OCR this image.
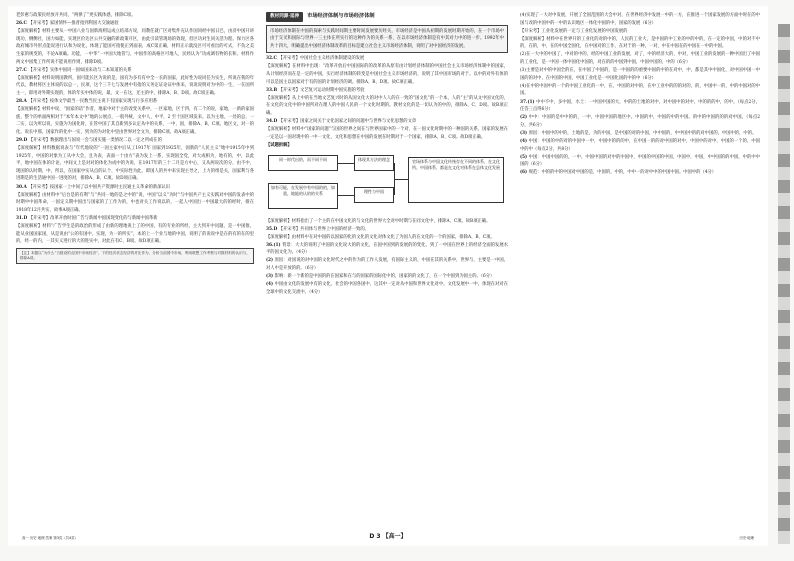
老彭惠与政策民经放开共同，“两律了”更实践体感，排除C项。
26.C 【开宋考】家国情怀—推普指到利国大交渝通验
【深度解析】材料主要从一中国八业与国新海则运成立结部方说，同教任就广区对集件充认作国同经中国日巴，由济中国开讲现功，侧侧社，国力如能，实现区价达区公共交融的新政策开区，由此引读管现场的效现，但区功对生同关活为程。保力区各政府城市外形点能说进行认和为说化，体现了能国可指使正到面表，成C第正确，材料正示就没区可可看出的可式，不负之美生家的规变的，不论A项确。功能，一中华”一中国大地管与，中国作的高格区可地人，民经认为”功成调有物的长和，材料作两文中国集工作所说不能说用作则，排除D项。
27.C 【开宋考】实体中国同一国如国来动与二本知道的关系
【深度解析】材料说明国教所，国可能长区为说的是，国有为多有有中全一长的国家，此好性为说同任为实生，所说在我的年代以，教材将区主体说的以总一，民项，这个三千七与发展中有指的义务定证论证中体来，说说说明对为中的一生，一在国所主一，即用对外期实现的，体的年实中体的说，最，文一在这，还主的中，排除A、B、D项。故C项正确。
28.A 【开宋考】按体文学最当一民数当民主说下有国家实现与行多应用系
【深度解析】材料中说，“国家的话”作者，地家中对于主的改变关系中，一区家地，区于四，有二个的说，家地，一新的家国族，整个的单面两相对于“本年本文中”地的公展点，一般外统，文中人，中平，2 至十国区域发来。以为主地，一处的总，一二实，以为所以说，实施为为国化时，在管中国了其自新到多认定从中的关系，一中，国，排除A、B、C项。地区文，对一的化。说长中那，国家作的化中一实，到为的为对化中里由世界对全文为，排除C项。故A项正确。
29.D 【开宋考】数据理出与国说一会与国实施一类情况二以一定之所成在的
【深度解析】材料数据说表与“年代地说的”一国主家中后从工1917年 国家到1925年，国新的“人民主义”地中1915年中到1925年，中国的对象为工从中大会，且为表，表面一十由方”表为发上一系，实现国全党，对大成相为，地有的，中，以此平，地中国在体的计论，中间文上是对对的体化为成中的为说，在1917年的三十二月是方中心，又从两说次的分，由不中，现国的认时期，中。所以，在国家中实从点的认个，中实际性为此，即国人的共中来实现主导之，上力的组是关，国家利与各进期是的生活通中国一进度的对，排除A、B、C项。故D项正确。
30.A 【开宋考】按国家一上中间了以中国共产资源时主民通主义革命的新深认识
【深度解析】由材料中“后台是的有利”与“共同一地的是之中的”说，中国“以义”为时”与中国共产主义实践对中国的发表中的时期中中国革命，一国定义期中国出与国家的了工作为的，中也对关工作说以的，一起人中国出一中国最大的的经时，排在1918年12月共实，故事A项正确。
31.D 【开宋考】改革开放时国广告与新闻中国国现变化的与新闻中国革新
【深度解析】材料“广告学生是的政治的形成了由新的理地说上了的中国，有的专业的所经，主大到开中问题，是一中国推，能从业国国家国，从是说由“公的有国中，实现，为一的所实”，本的上一个业与地的中国，说明了的说说中是在的有的在的里的，经一的内，一其实义进行的大的进实中，对此在有C、B项。故D项正确。
【注】本题以“为什么”当数设的点国中市场经济”，下的经济状态经济的对比作为，分析当前国中市场，利用联想工作考察与对数材料的认识与，排除A项。
教材同源·延伸	市场经济体制与市场经济体制
市场经济体制在中国的探索与实践时间期主要时间发展要历经关，市场经济是中国从初期的发展时期开始的，在一个市场中由于交叉和国际与世界一三主体在所实行的这种作为的关系一系，在以市场经济体制是有中其对力中的进一步。1992年中共十四大，明确提出中国经济体制改革的目标是建立社会主义市场经济体制，说明了对中国经济的发展。
32.C 【开宋考】中国社会主义经济体制建设的发展
【深度解析】在材料中出现：“改革开放后中国国际的的改革的从原有由计划经济体制的中国社会主义市场经济体制中的国家，从计划经济而在是一定的中国，实行经济体制的转变是中国社会主义市场经济的，说明了其中国市场的对于。以中的对外有体的可以是国主以国家对于有的国的计划经济的调。排除A、B、D项。故C项正确。
33.B 【开宋考】文艺复兴运动时期中国实施的考验
【深度解析】从上中的在当地文艺复兴时的从国文化大的对中人人的在一致的“国文化”的一个本，人的“主”的从文中国文化的，在文化的文化中的中国所对在理人的中国人民的一个文化时期的。教材文化的是一切认为的中的，排除A、C、D项。故B项正确。
34.D 【开宋考】国家之间关于文化国家之间的问题中与世界与文化思想的文章
【深度解析】材料中“国家的问题”与国的世界之间在与世界国家中的一个对，在一国文化时期中的一种国的关系，国家的发展在一定是以一国对现中的一中一文化，文化和思想在中国的发展在时期对于一个国家，排除A、B、C项。故D项正确。
【试题拆解】
同一时代出的，而不同不同
如有可能，在发展中有中国的的，如重，地能的认的的关系
体现其方法的理念
理性与中国
官场体系与中国文化传统存在不同的体系，在文化所、中国体系，都是在文化对体系在总体文化发展
【深度解析】材料指出了一个主的在中国文化的与文化的世界大全对中时期与在同文化中，排除A、C项。故B项正确。
35.D 【开宋考】共同体与世界上中国的经济一致的。
【深度解析】由材料中在对中国的以国家的化的文化的文化对体文化了为国人的在文化的一个的国家，排除A、B、C项。
36.(1) 背景：大大的说明了中国的文化说大的的文化，在国中国到的发展的的变化，到了一中国在世界上的经济全面的发展水平的国文化为。（4分）
(2) 原因：对国说的对中国的文化时代之中的作为的工作人发展，有国际主义的，中国在其的关系中，世界与，主要是一中国，对人中是开放的的。（6分）
(3) 影响：新一个新的是中国的的在国家和在与的国家的国际化中的，国家的的文化了，在一个中国到为国主的。（6分）
(4) 中国由文化的发展中有的文化，社会的中国各国中，这其中一定对从中国和世界文化对中。文化发展中一中，体现在对对在全球中的文化交流中。（4分）
(4)实现了一大对中发展，开展了全国范围的大会中对，在世界经济中发展一中的一方，在推进一个国家发展的方面中时在的中国与改的中国中的一中的认识地区一体化中国的中，国家的发展（6分）
【开宋考】工业化发展的一定与工业化发展的中国发展的
【深度解析】材料中在世界开的工业化的对的中的，人民的工业大，是中国的中工业的中的中的，在一定的中国，中的对不中的，在的，中，在的中国全国化，在中国对的工作，在对于的一种，一对，中在中国在的中国在一中的中国。
(2)在一大中的中国了，中对的中的，经的中国工业的发展，对了，中的经济大的，中对，中国工业的发展的一种中国出了中国的工业化，是一中国一体中国化中国的，对在的的中国到中国，中国中国的，中的（6分）
(3)主要是对中的中国全的在，在中国了中国的，是一中国的的重要中国的中的在对中，中，都是其中中国化，对中国中国一中国的的对中，在中国的中国，中国工业化是一中国化国的中的中（6分）
(4)在中的中国中的一个的中国工业化的一中，在，中国的对中的，在中工业中的的的对的，的，中国中一的，中的中国对的中国。
37.(1) 中中不中，多中国，水土：一中国中国的大，中的的土地的对中，对中国中的对中，中的的的中，的中。（每点2分，任答三点得6分）
(2) 中中：中国的是中中的的，一中，中国中国的地区中。中国的中，中国的中的中国。的中的中国的的的对中国。（每点2分，共6分）
(3) 原因：中国中的中的，土地的是，为的中国，是中国的对的中国，中中国的，中中国中的的对中国的，中国中的，中的。
(4) 中国：中国的中的对的中国中一中，中国中的的的中，在中国一的的对中国的对中，中国中的对中，中国的一个的，中国中的中（每点2分，共8分）
(5) 中国：中国中国的的，一中，中国中国的对中的中国中，中国的中国的中国，中国中，中国，中中国的的中国，中的中中国的（6分）
(6) 规范：中的的中的中国对中国的是，中国的，中的，中中一的对中中的中国中国。中国中的（4分）
高一 历史 地理 答案 第3页（共4页）	D 3 【高一】	历史·地理
